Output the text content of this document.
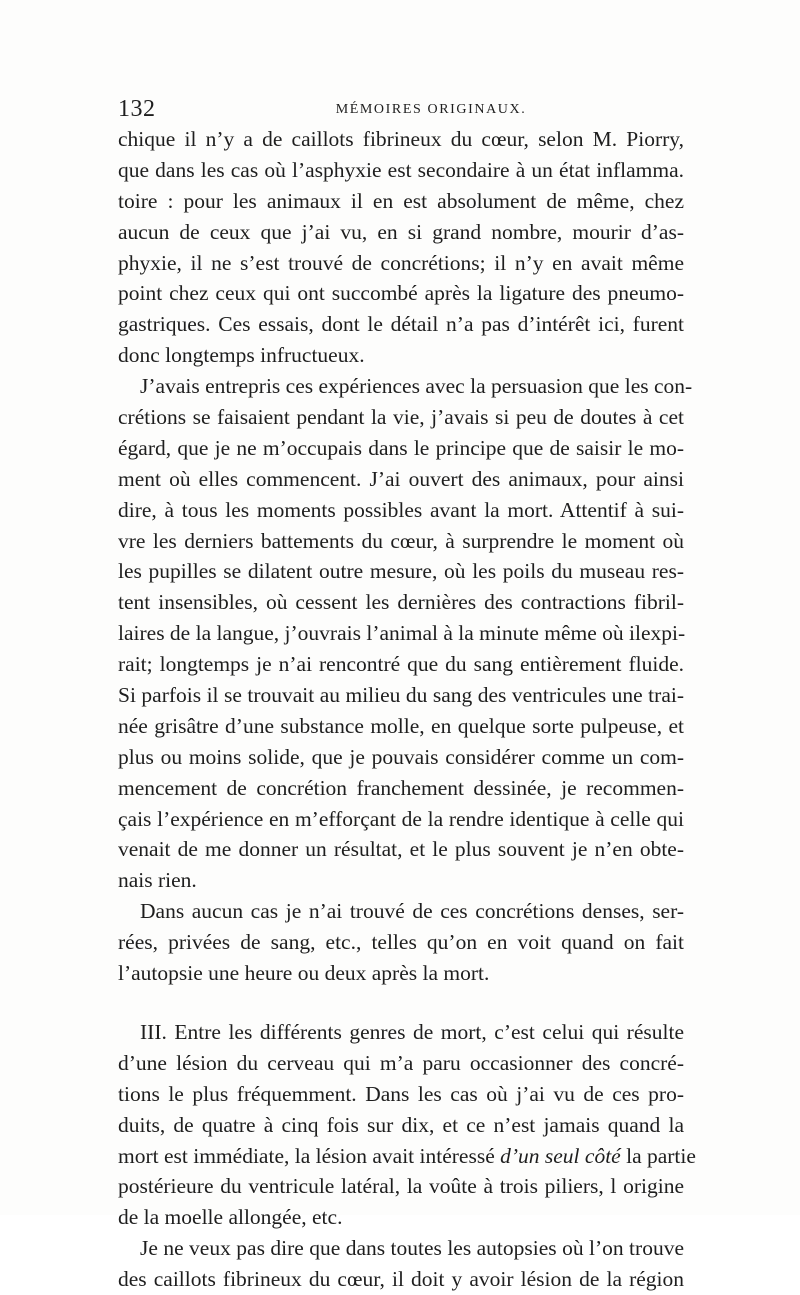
132	MÉMOIRES ORIGINAUX.
chique il n’y a de caillots fibrineux du cœur, selon M. Piorry,
que dans les cas où l’asphyxie est secondaire à un état inflamma.
toire : pour les animaux il en est absolument de même, chez
aucun de ceux que j’ai vu, en si grand nombre, mourir d’as-
phyxie, il ne s’est trouvé de concrétions; il n’y en avait même
point chez ceux qui ont succombé après la ligature des pneumo-
gastriques. Ces essais, dont le détail n’a pas d’intérêt ici, furent
donc longtemps infructueux.
J’avais entrepris ces expériences avec la persuasion que les con-
crétions se faisaient pendant la vie, j’avais si peu de doutes à cet
égard, que je ne m’occupais dans le principe que de saisir le mo-
ment où elles commencent. J’ai ouvert des animaux, pour ainsi
dire, à tous les moments possibles avant la mort. Attentif à sui-
vre les derniers battements du cœur, à surprendre le moment où
les pupilles se dilatent outre mesure, où les poils du museau res-
tent insensibles, où cessent les dernières des contractions fibril-
laires de la langue, j’ouvrais l’animal à la minute même où ilexpi-
rait; longtemps je n’ai rencontré que du sang entièrement fluide.
Si parfois il se trouvait au milieu du sang des ventricules une trai-
née grisâtre d’une substance molle, en quelque sorte pulpeuse, et
plus ou moins solide, que je pouvais considérer comme un com-
mencement de concrétion franchement dessinée, je recommen-
çais l’expérience en m’efforçant de la rendre identique à celle qui
venait de me donner un résultat, et le plus souvent je n’en obte-
nais rien.
Dans aucun cas je n’ai trouvé de ces concrétions denses, ser-
rées, privées de sang, etc., telles qu’on en voit quand on fait
l’autopsie une heure ou deux après la mort.
III. Entre les différents genres de mort, c’est celui qui résulte
d’une lésion du cerveau qui m’a paru occasionner des concré-
tions le plus fréquemment. Dans les cas où j’ai vu de ces pro-
duits, de quatre à cinq fois sur dix, et ce n’est jamais quand la
mort est immédiate, la lésion avait intéressé d’un seul côté la partie
postérieure du ventricule latéral, la voûte à trois piliers, l origine
de la moelle allongée, etc.
Je ne veux pas dire que dans toutes les autopsies où l’on trouve
des caillots fibrineux du cœur, il doit y avoir lésion de la région
